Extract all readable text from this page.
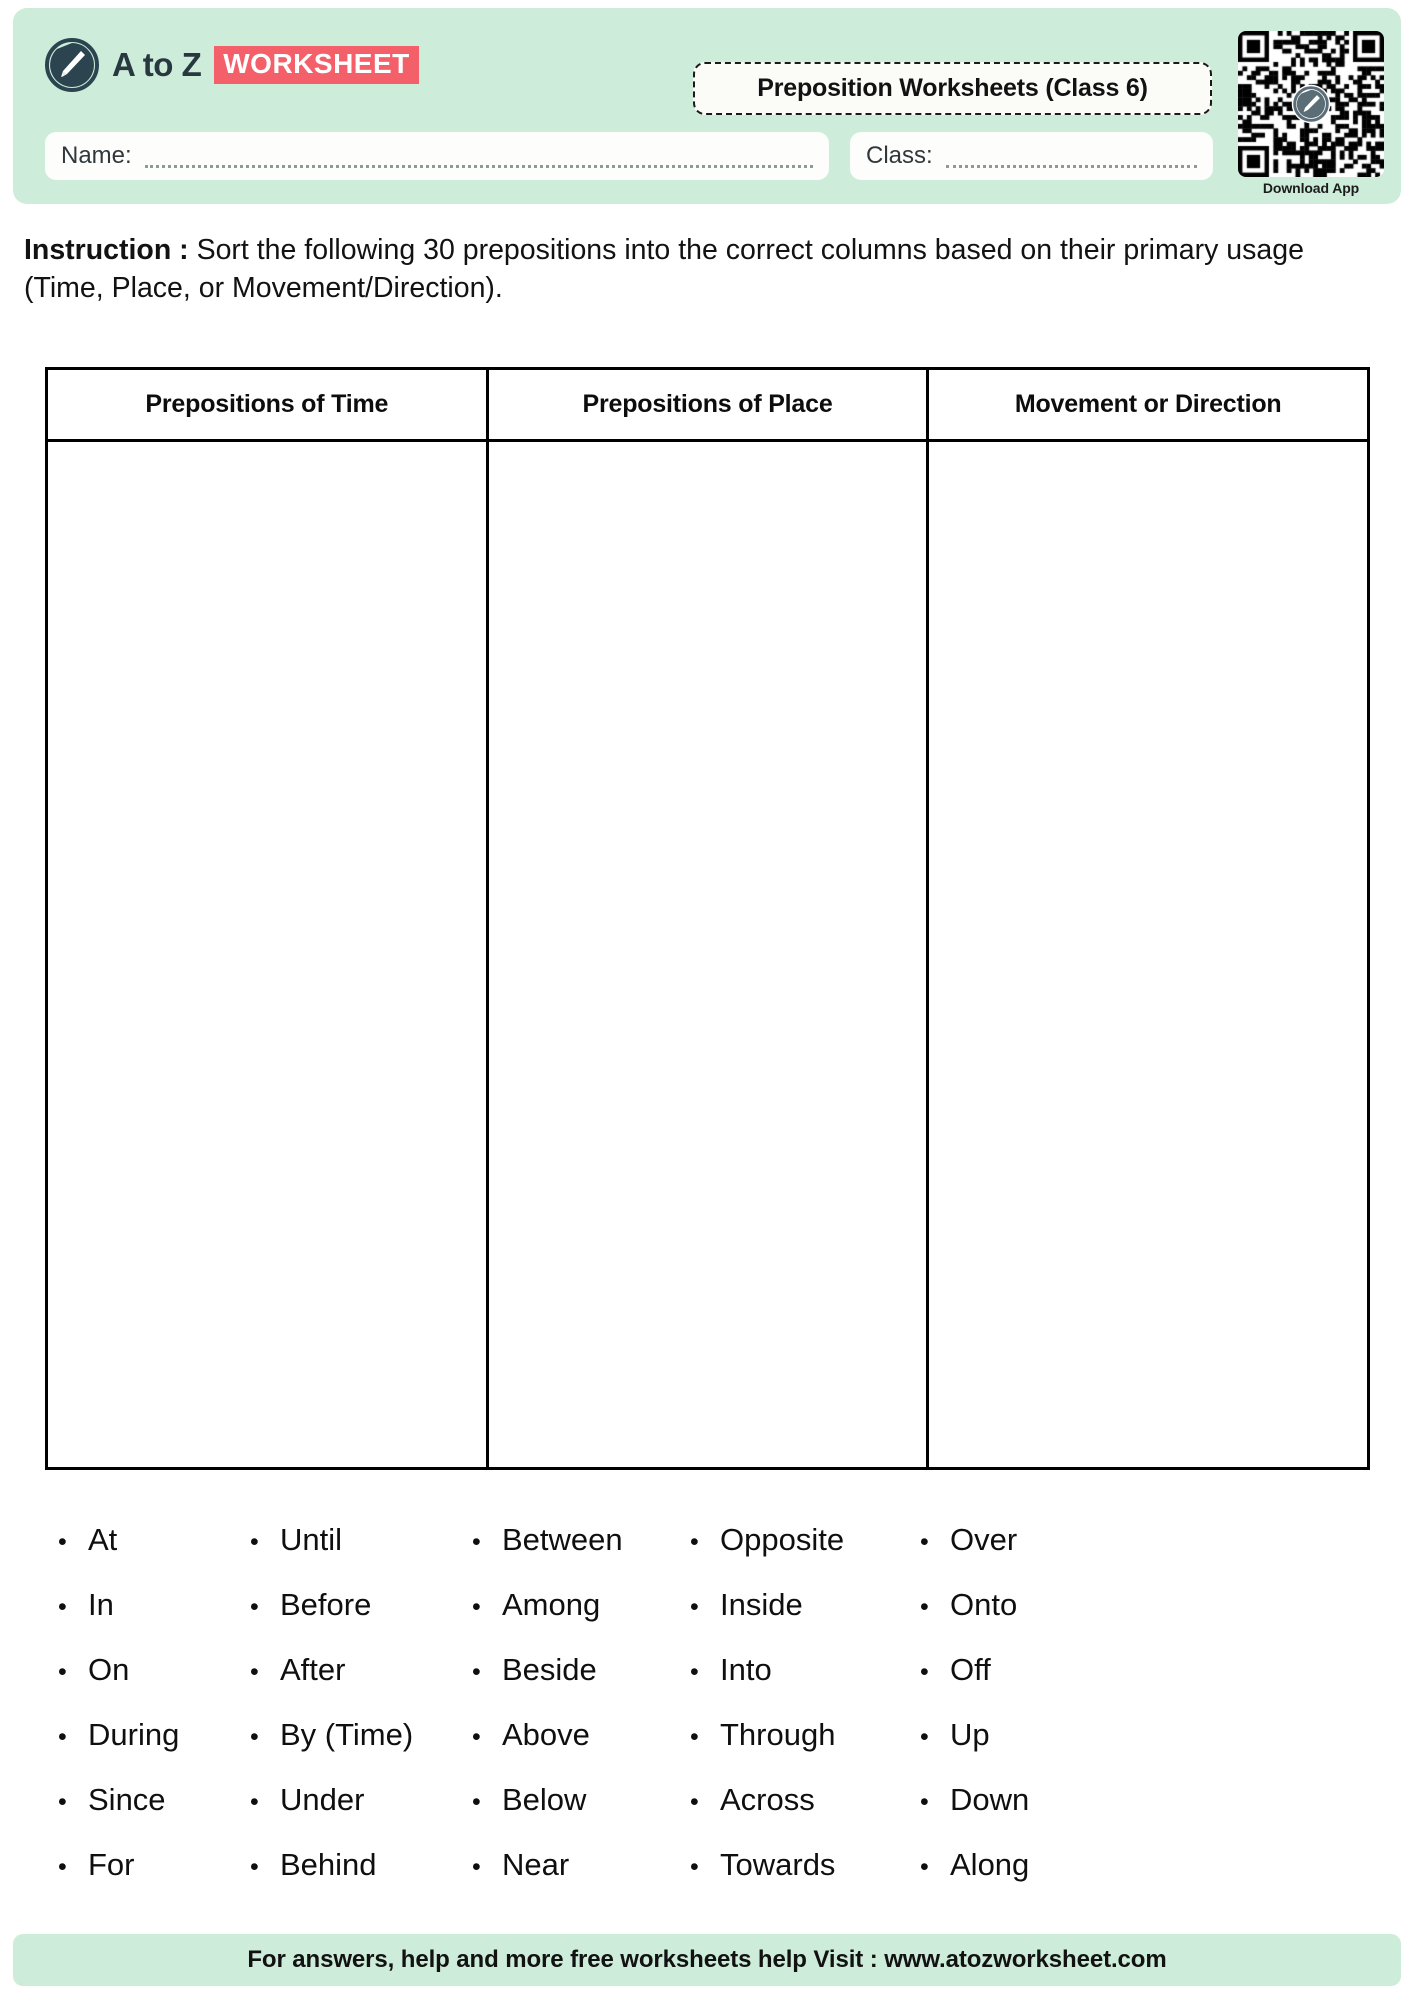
A to Z WORKSHEET
Preposition Worksheets (Class 6)
Name:	Class:
Download App
Instruction : Sort the following 30 prepositions into the correct columns based on their primary usage (Time, Place, or Movement/Direction).
Prepositions of Time	Prepositions of Place	Movement or Direction
• At
• In
• On
• During
• Since
• For
• Until
• Before
• After
• By (Time)
• Under
• Behind
• Between
• Among
• Beside
• Above
• Below
• Near
• Opposite
• Inside
• Into
• Through
• Across
• Towards
• Over
• Onto
• Off
• Up
• Down
• Along
For answers, help and more free worksheets help Visit : www.atozworksheet.com
